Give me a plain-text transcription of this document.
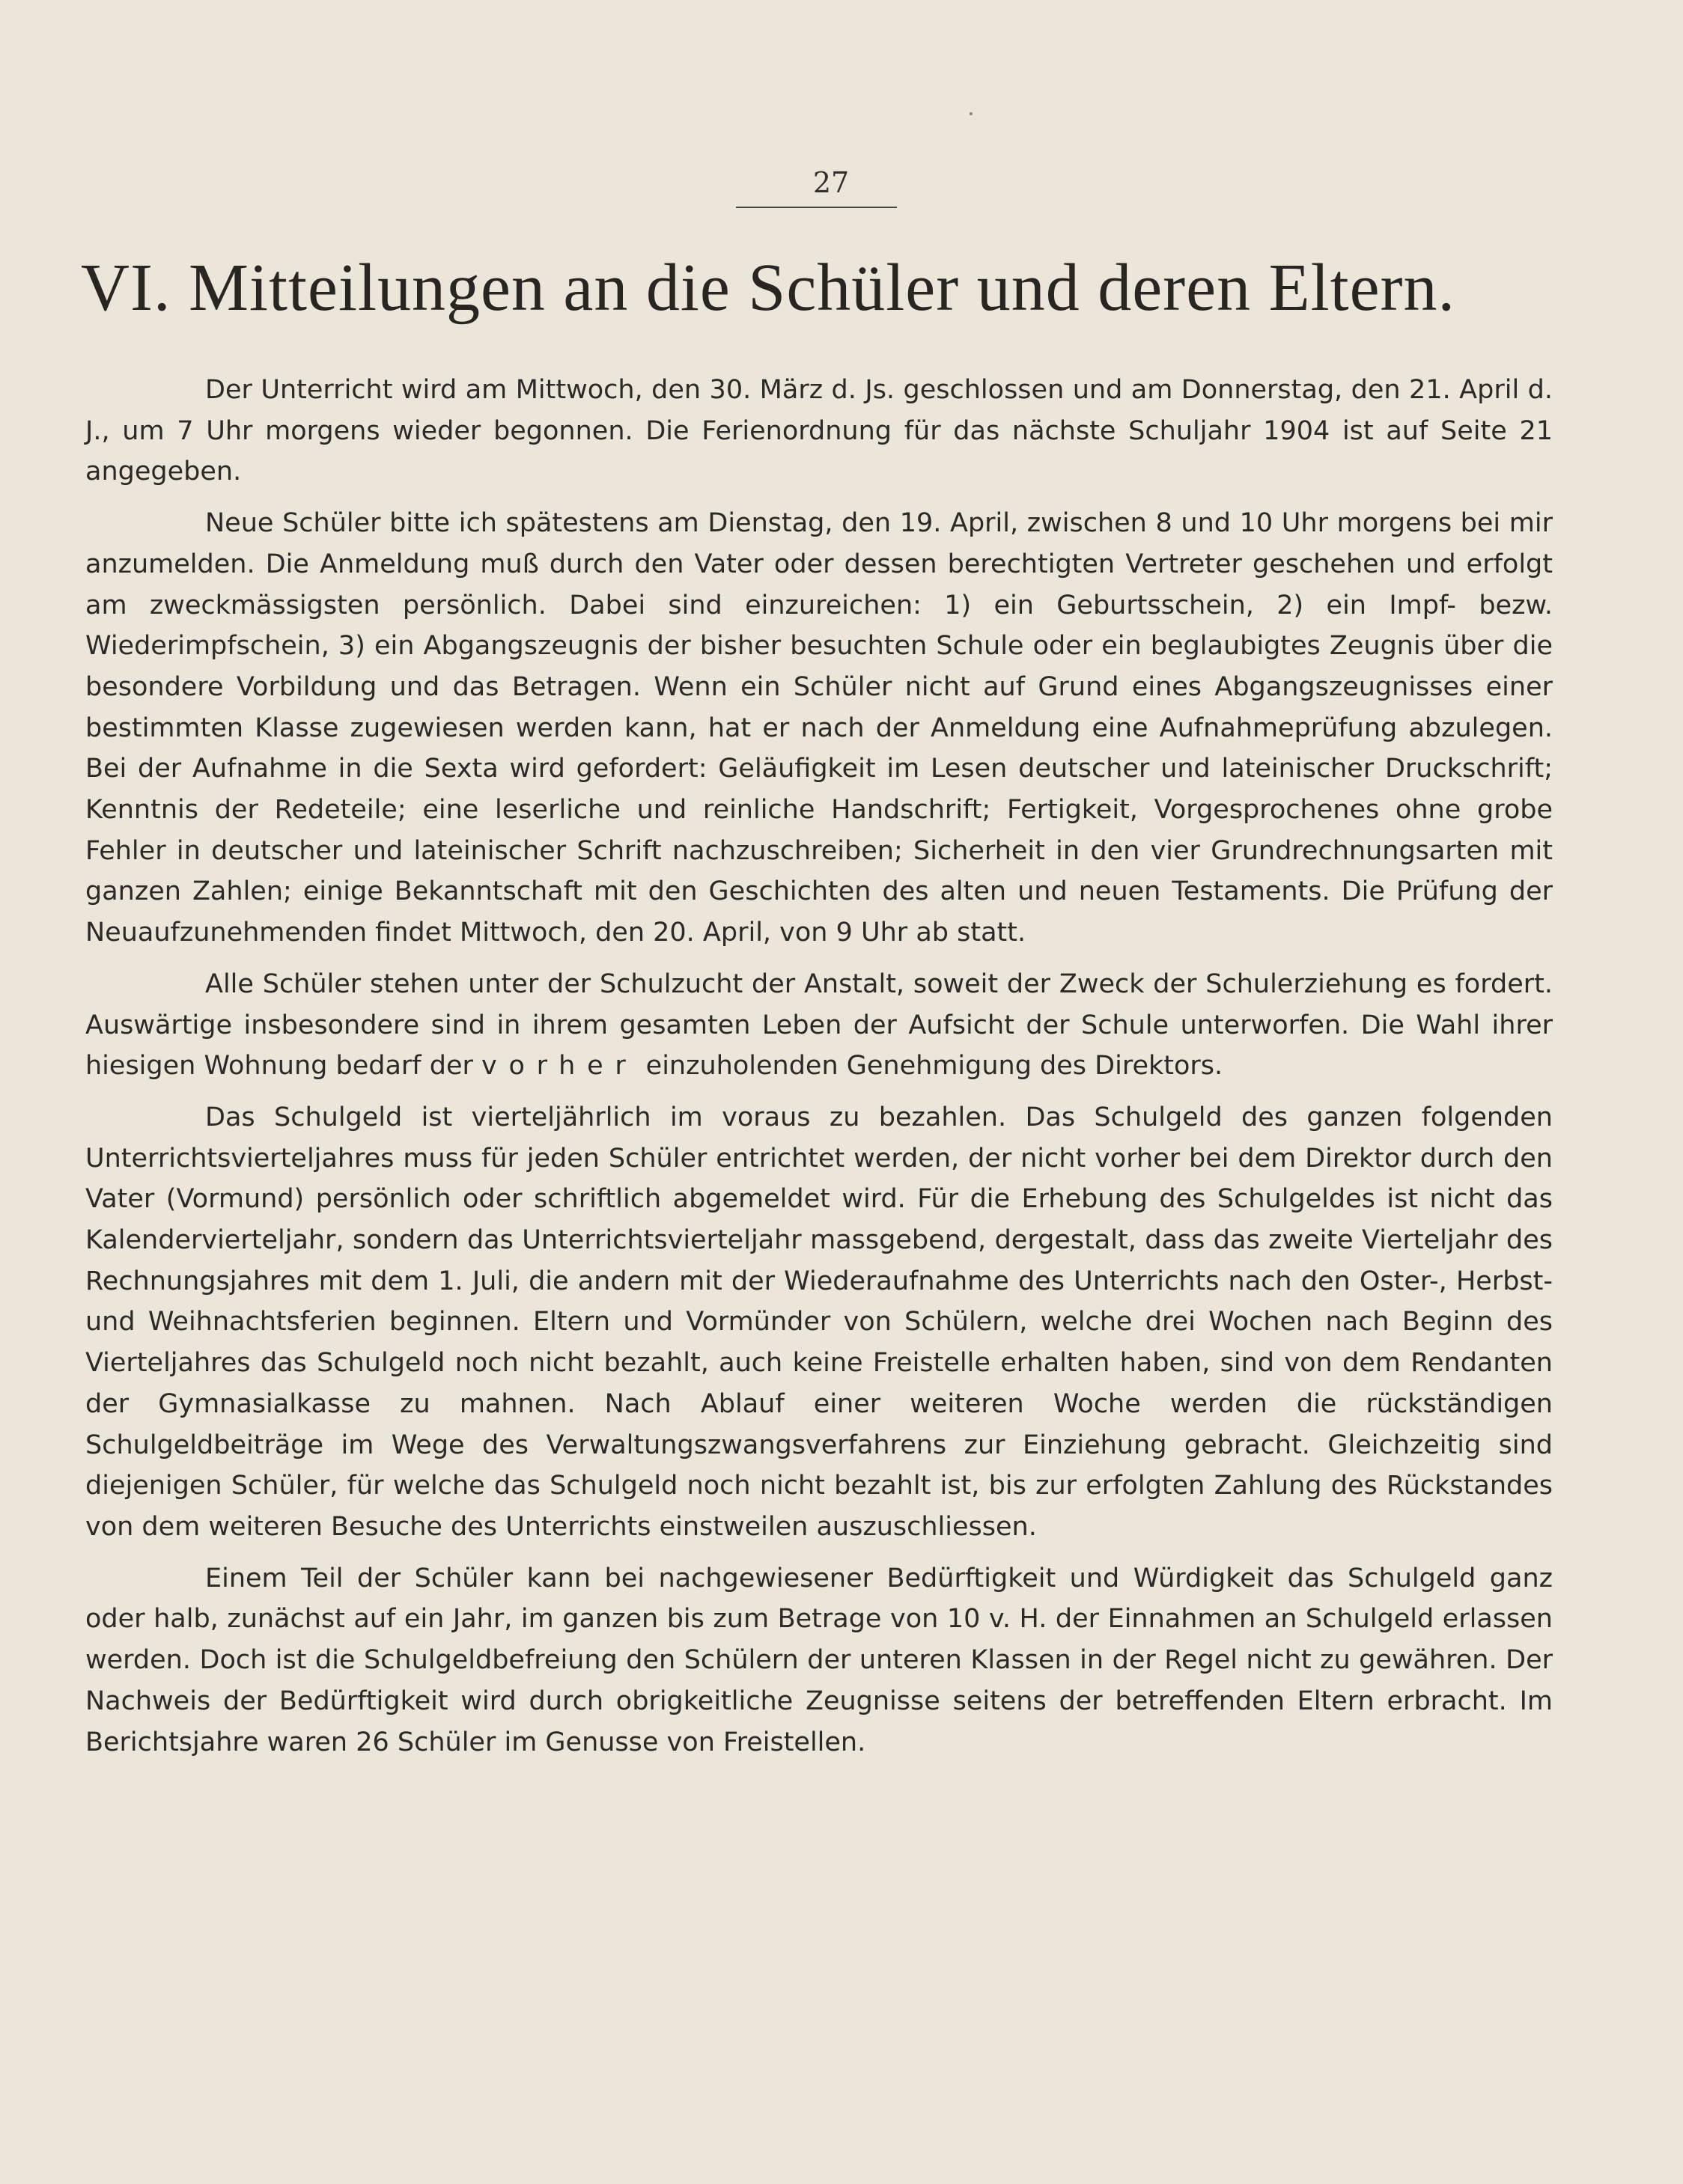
27
VI. Mitteilungen an die Schüler und deren Eltern.

Der Unterricht wird am Mittwoch, den 30. März d. Js. geschlossen und am Donnerstag, den 21. April d. J., um 7 Uhr morgens wieder begonnen. Die Ferienordnung für das nächste Schuljahr 1904 ist auf Seite 21 angegeben.

Neue Schüler bitte ich spätestens am Dienstag, den 19. April, zwischen 8 und 10 Uhr morgens bei mir anzumelden. Die Anmeldung muß durch den Vater oder dessen berechtigten Vertreter geschehen und erfolgt am zweckmässigsten persönlich. Dabei sind einzureichen: 1) ein Geburtsschein, 2) ein Impf- bezw. Wiederimpfschein, 3) ein Abgangszeugnis der bisher besuchten Schule oder ein beglaubigtes Zeugnis über die besondere Vorbildung und das Betragen. Wenn ein Schüler nicht auf Grund eines Abgangszeugnisses einer bestimmten Klasse zugewiesen werden kann, hat er nach der Anmeldung eine Aufnahmeprüfung abzulegen. Bei der Aufnahme in die Sexta wird gefordert: Geläufigkeit im Lesen deutscher und lateinischer Druckschrift; Kenntnis der Redeteile; eine leserliche und reinliche Handschrift; Fertigkeit, Vorgesprochenes ohne grobe Fehler in deutscher und lateinischer Schrift nachzuschreiben; Sicherheit in den vier Grundrechnungsarten mit ganzen Zahlen; einige Bekanntschaft mit den Geschichten des alten und neuen Testaments. Die Prüfung der Neuaufzunehmenden findet Mittwoch, den 20. April, von 9 Uhr ab statt.

Alle Schüler stehen unter der Schulzucht der Anstalt, soweit der Zweck der Schulerziehung es fordert. Auswärtige insbesondere sind in ihrem gesamten Leben der Aufsicht der Schule unterworfen. Die Wahl ihrer hiesigen Wohnung bedarf der vorher einzuholenden Genehmigung des Direktors.

Das Schulgeld ist vierteljährlich im voraus zu bezahlen. Das Schulgeld des ganzen folgenden Unterrichtsvierteljahres muss für jeden Schüler entrichtet werden, der nicht vorher bei dem Direktor durch den Vater (Vormund) persönlich oder schriftlich abgemeldet wird. Für die Erhebung des Schulgeldes ist nicht das Kalendervierteljahr, sondern das Unterrichtsvierteljahr massgebend, dergestalt, dass das zweite Vierteljahr des Rechnungsjahres mit dem 1. Juli, die andern mit der Wiederaufnahme des Unterrichts nach den Oster-, Herbst- und Weihnachtsferien beginnen. Eltern und Vormünder von Schülern, welche drei Wochen nach Beginn des Vierteljahres das Schulgeld noch nicht bezahlt, auch keine Freistelle erhalten haben, sind von dem Rendanten der Gymnasialkasse zu mahnen. Nach Ablauf einer weiteren Woche werden die rückständigen Schulgeldbeiträge im Wege des Verwaltungszwangsverfahrens zur Einziehung gebracht. Gleichzeitig sind diejenigen Schüler, für welche das Schulgeld noch nicht bezahlt ist, bis zur erfolgten Zahlung des Rückstandes von dem weiteren Besuche des Unterrichts einstweilen auszuschliessen.

Einem Teil der Schüler kann bei nachgewiesener Bedürftigkeit und Würdigkeit das Schulgeld ganz oder halb, zunächst auf ein Jahr, im ganzen bis zum Betrage von 10 v. H. der Einnahmen an Schulgeld erlassen werden. Doch ist die Schulgeldbefreiung den Schülern der unteren Klassen in der Regel nicht zu gewähren. Der Nachweis der Bedürftigkeit wird durch obrigkeitliche Zeugnisse seitens der betreffenden Eltern erbracht. Im Berichtsjahre waren 26 Schüler im Genusse von Freistellen.
